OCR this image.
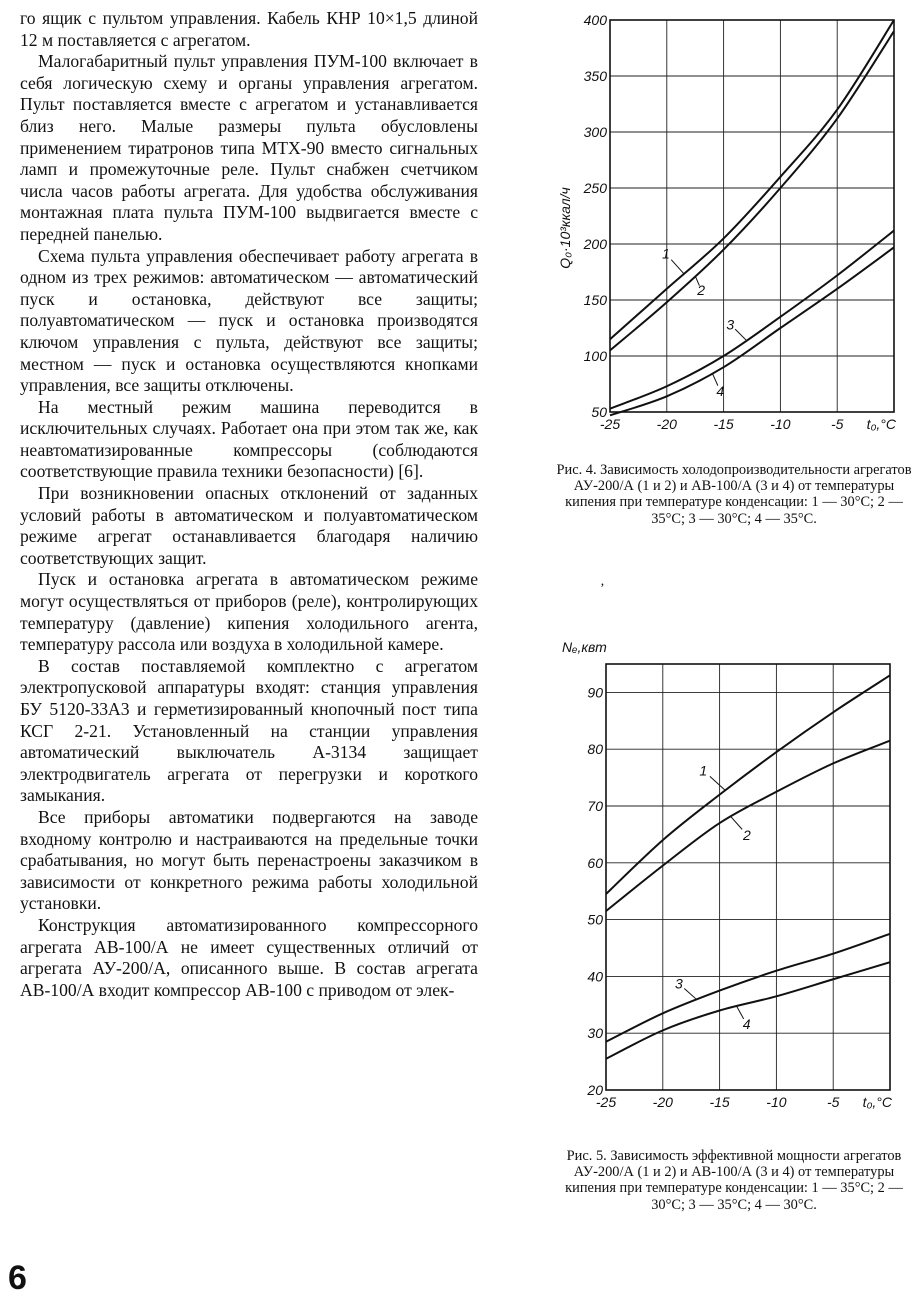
го ящик с пультом управления. Кабель КНР 10×1,5 длиной 12 м поставляется с агрегатом.

Малогабаритный пульт управления ПУМ-100 включает в себя логическую схему и органы управления агрегатом. Пульт поставляется вместе с агрегатом и устанавливается близ него. Малые размеры пульта обусловлены применением тиратронов типа МТХ-90 вместо сигнальных ламп и промежуточные реле. Пульт снабжен счетчиком числа часов работы агрегата. Для удобства обслуживания монтажная плата пульта ПУМ-100 выдвигается вместе с передней панелью.

Схема пульта управления обеспечивает работу агрегата в одном из трех режимов: автоматическом — автоматический пуск и остановка, действуют все защиты; полуавтоматическом — пуск и остановка производятся ключом управления с пульта, действуют все защиты; местном — пуск и остановка осуществляются кнопками управления, все защиты отключены.

На местный режим машина переводится в исключительных случаях. Работает она при этом так же, как неавтоматизированные компрессоры (соблюдаются соответствующие правила техники безопасности) [6].

При возникновении опасных отклонений от заданных условий работы в автоматическом и полуавтоматическом режиме агрегат останавливается благодаря наличию соответствующих защит.

Пуск и остановка агрегата в автоматическом режиме могут осуществляться от приборов (реле), контролирующих температуру (давление) кипения холодильного агента, температуру рассола или воздуха в холодильной камере.

В состав поставляемой комплектно с агрегатом электропусковой аппаратуры входят: станция управления БУ 5120-33А3 и герметизированный кнопочный пост типа КСГ 2-21. Установленный на станции управления автоматический выключатель А-3134 защищает электродвигатель агрегата от перегрузки и короткого замыкания.

Все приборы автоматики подвергаются на заводе входному контролю и настраиваются на предельные точки срабатывания, но могут быть перенастроены заказчиком в зависимости от конкретного режима работы холодильной установки.

Конструкция автоматизированного компрессорного агрегата АВ-100/А не имеет существенных отличий от агрегата АУ-200/А, описанного выше. В состав агрегата АВ-100/А входит компрессор АВ-100 с приводом от элек-

6
‚
50
100
150
200
250
300
350
400
-25	-20	-15	-10	-5 t₀,°C
Q₀·10³ккал/ч	1
2
3
4
Рис. 4. Зависимость холодопроизводительности агрегатов АУ-200/А (1 и 2) и АВ-100/А (3 и 4) от температуры кипения при температуре конденсации: 1 — 30°С; 2 — 35°С; 3 — 30°С; 4 — 35°С.
20
30
40
50
60
70
80
90
-25	-20	-15	-10	-5 t₀,°C
Nₑ,квт
1
2
3
4
Рис. 5. Зависимость эффективной мощности агрегатов АУ-200/А (1 и 2) и АВ-100/А (3 и 4) от температуры кипения при температуре конденсации: 1 — 35°С; 2 — 30°С; 3 — 35°С; 4 — 30°С.
